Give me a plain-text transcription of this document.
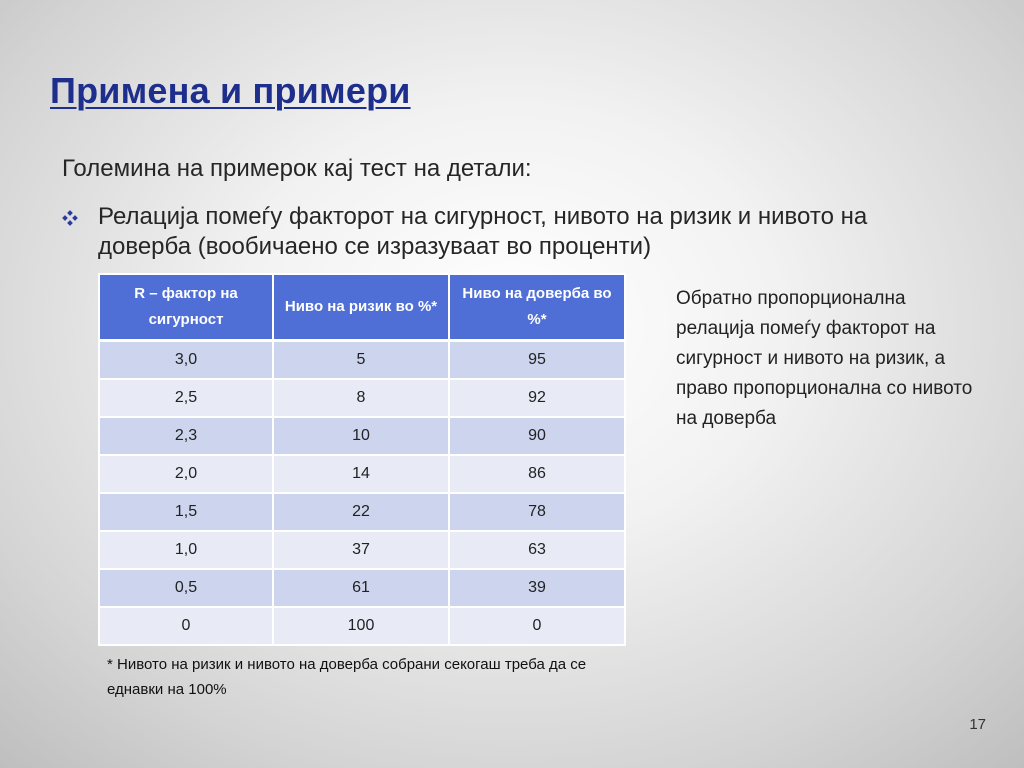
Примена и примери
Големина на примерок кај тест на детали:
Релација помеѓу факторот на сигурност, нивото на ризик и нивото на доверба (вообичаено се изразуваат во проценти)
R – фактор на сигурност	Ниво на ризик во %*	Ниво на доверба во %*
3,0	5	95
2,5	8	92
2,3	10	90
2,0	14	86
1,5	22	78
1,0	37	63
0,5	61	39
0	100	0
Обратно пропорционална релација помеѓу факторот на сигурност и нивото на ризик, а право пропорционална со нивото на доверба
* Нивото на ризик и нивото на доверба собрани секогаш треба да се еднавки на 100%
17
